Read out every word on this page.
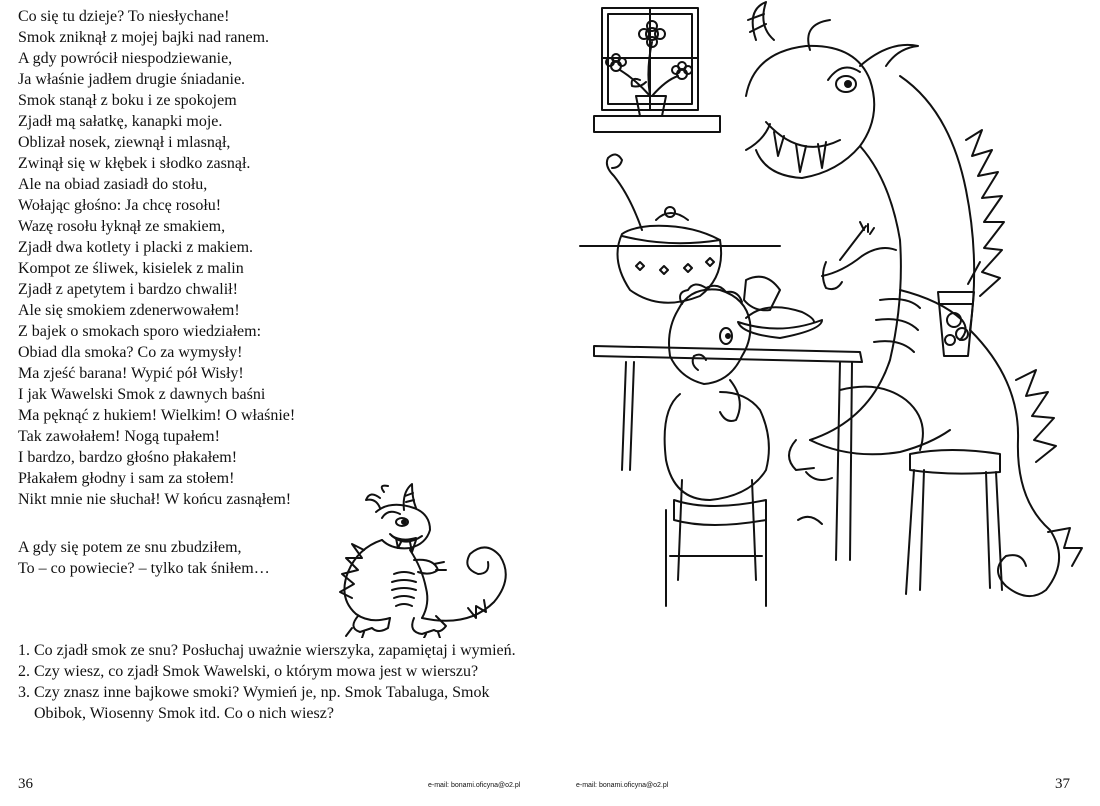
Co się tu dzieje? To niesłychane!
Smok zniknął z mojej bajki nad ranem.
A gdy powrócił niespodziewanie,
Ja właśnie jadłem drugie śniadanie.
Smok stanął z boku i ze spokojem
Zjadł mą sałatkę, kanapki moje.
Oblizał nosek, ziewnął i mlasnął,
Zwinął się w kłębek i słodko zasnął.
Ale na obiad zasiadł do stołu,
Wołając głośno: Ja chcę rosołu!
Wazę rosołu łyknął ze smakiem,
Zjadł dwa kotlety i placki z makiem.
Kompot ze śliwek, kisielek z malin
Zjadł z apetytem i bardzo chwalił!
Ale się smokiem zdenerwowałem!
Z bajek o smokach sporo wiedziałem:
Obiad dla smoka? Co za wymysły!
Ma zjeść barana! Wypić pół Wisły!
I jak Wawelski Smok z dawnych baśni
Ma pęknąć z hukiem! Wielkim! O właśnie!
Tak zawołałem! Nogą tupałem!
I bardzo, bardzo głośno płakałem!
Płakałem głodny i sam za stołem!
Nikt mnie nie słuchał! W końcu zasnąłem!
A gdy się potem ze snu zbudziłem,
To – co powiecie? – tylko tak śniłem…
1. Co zjadł smok ze snu? Posłuchaj uważnie wierszyka, zapamiętaj i wymień.
2. Czy wiesz, co zjadł Smok Wawelski, o którym mowa jest w wierszu?
3. Czy znasz inne bajkowe smoki? Wymień je, np. Smok Tabaluga, Smok Obibok, Wiosenny Smok itd. Co o nich wiesz?
36	e-mail: bonami.oficyna@o2.pl	e-mail: bonami.oficyna@o2.pl	37
